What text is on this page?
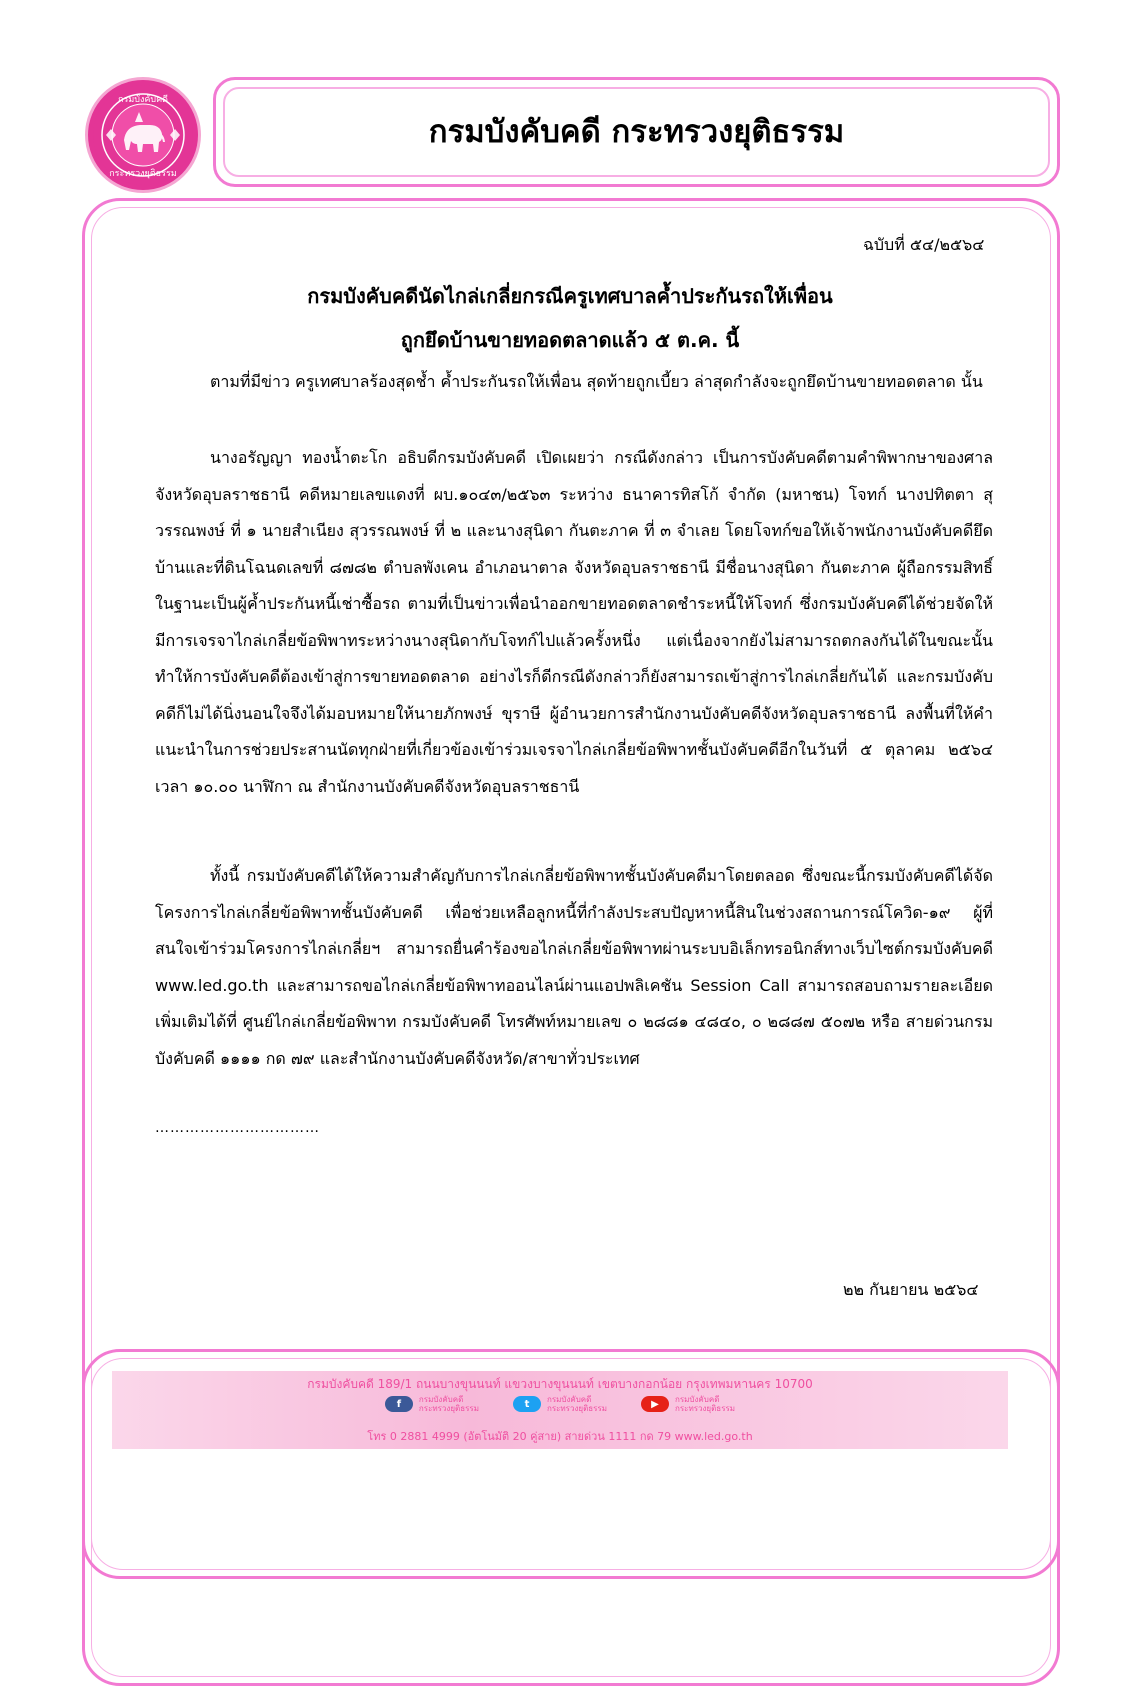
กรมบังคับคดี
กระทรวงยุติธรรม
กรมบังคับคดี กระทรวงยุติธรรม
ฉบับที่ ๕๔/๒๕๖๔
กรมบังคับคดีนัดไกล่เกลี่ยกรณีครูเทศบาลค้ำประกันรถให้เพื่อน
ถูกยึดบ้านขายทอดตลาดแล้ว ๕ ต.ค. นี้
ตามที่มีข่าว ครูเทศบาลร้องสุดช้ำ ค้ำประกันรถให้เพื่อน สุดท้ายถูกเบี้ยว ล่าสุดกำลังจะถูกยึดบ้านขายทอดตลาด นั้น
นางอรัญญา ทองน้ำตะโก อธิบดีกรมบังคับคดี เปิดเผยว่า กรณีดังกล่าว เป็นการบังคับคดีตามคำพิพากษาของศาลจังหวัดอุบลราชธานี คดีหมายเลขแดงที่ ผบ.๑๐๔๓/๒๕๖๓ ระหว่าง ธนาคารทิสโก้ จำกัด (มหาชน) โจทก์ นางปทิตตา สุวรรณพงษ์ ที่ ๑ นายสำเนียง สุวรรณพงษ์ ที่ ๒ และนางสุนิดา กันตะภาค ที่ ๓ จำเลย โดยโจทก์ขอให้เจ้าพนักงานบังคับคดียึดบ้านและที่ดินโฉนดเลขที่ ๘๗๘๒ ตำบลพังเคน อำเภอนาตาล จังหวัดอุบลราชธานี มีชื่อนางสุนิดา กันตะภาค ผู้ถือกรรมสิทธิ์ ในฐานะเป็นผู้ค้ำประกันหนี้เช่าซื้อรถ ตามที่เป็นข่าวเพื่อนำออกขายทอดตลาดชำระหนี้ให้โจทก์ ซึ่งกรมบังคับคดีได้ช่วยจัดให้มีการเจรจาไกล่เกลี่ยข้อพิพาทระหว่างนางสุนิดากับโจทก์ไปแล้วครั้งหนึ่ง แต่เนื่องจากยังไม่สามารถตกลงกันได้ในขณะนั้น ทำให้การบังคับคดีต้องเข้าสู่การขายทอดตลาด อย่างไรก็ดีกรณีดังกล่าวก็ยังสามารถเข้าสู่การไกล่เกลี่ยกันได้ และกรมบังคับคดีก็ไม่ได้นิ่งนอนใจจึงได้มอบหมายให้นายภักพงษ์ ขุราษี ผู้อำนวยการสำนักงานบังคับคดีจังหวัดอุบลราชธานี ลงพื้นที่ให้คำแนะนำในการช่วยประสานนัดทุกฝ่ายที่เกี่ยวข้องเข้าร่วมเจรจาไกล่เกลี่ยข้อพิพาทชั้นบังคับคดีอีกในวันที่ ๕ ตุลาคม ๒๕๖๔ เวลา ๑๐.๐๐ นาฬิกา ณ สำนักงานบังคับคดีจังหวัดอุบลราชธานี
ทั้งนี้ กรมบังคับคดีได้ให้ความสำคัญกับการไกล่เกลี่ยข้อพิพาทชั้นบังคับคดีมาโดยตลอด ซึ่งขณะนี้กรมบังคับคดีได้จัดโครงการไกล่เกลี่ยข้อพิพาทชั้นบังคับคดี เพื่อช่วยเหลือลูกหนี้ที่กำลังประสบปัญหาหนี้สินในช่วงสถานการณ์โควิด-๑๙ ผู้ที่สนใจเข้าร่วมโครงการไกล่เกลี่ยฯ สามารถยื่นคำร้องขอไกล่เกลี่ยข้อพิพาทผ่านระบบอิเล็กทรอนิกส์ทางเว็บไซต์กรมบังคับคดี www.led.go.th และสามารถขอไกล่เกลี่ยข้อพิพาทออนไลน์ผ่านแอปพลิเคชัน Session Call สามารถสอบถามรายละเอียดเพิ่มเติมได้ที่ ศูนย์ไกล่เกลี่ยข้อพิพาท กรมบังคับคดี โทรศัพท์หมายเลข ๐ ๒๘๘๑ ๔๘๔๐, ๐ ๒๘๘๗ ๕๐๗๒ หรือ สายด่วนกรมบังคับคดี ๑๑๑๑ กด ๗๙ และสำนักงานบังคับคดีจังหวัด/สาขาทั่วประเทศ
……………………………
๒๒ กันยายน ๒๕๖๔
กรมบังคับคดี 189/1 ถนนบางขุนนนท์ แขวงบางขุนนนท์ เขตบางกอกน้อย กรุงเทพมหานคร 10700
f	กรมบังคับคดี
กระทรวงยุติธรรม	t	กรมบังคับคดี
กระทรวงยุติธรรม	▶	กรมบังคับคดี
กระทรวงยุติธรรม
โทร 0 2881 4999 (อัตโนมัติ 20 คู่สาย) สายด่วน 1111 กด 79 www.led.go.th
